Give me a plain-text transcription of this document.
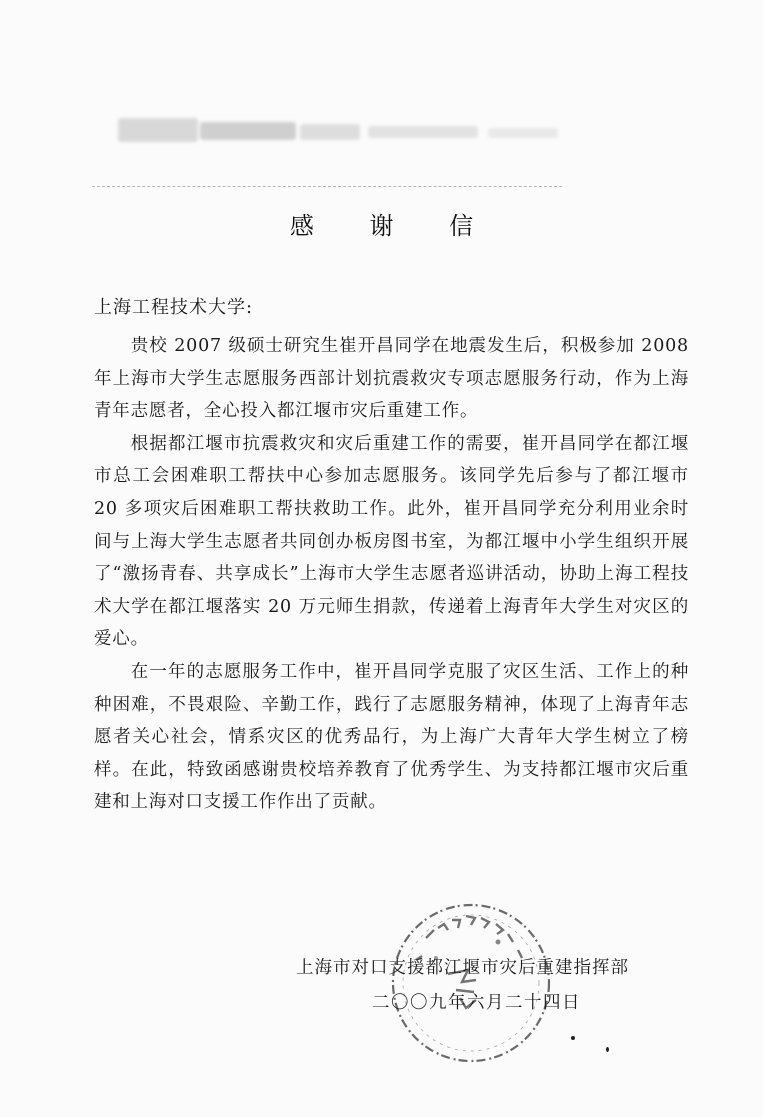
感 谢 信
上海工程技术大学:

贵校 2007 级硕士研究生崔开昌同学在地震发生后，积极参加 2008 年上海市大学生志愿服务西部计划抗震救灾专项志愿服务行动，作为上海青年志愿者，全心投入都江堰市灾后重建工作。

根据都江堰市抗震救灾和灾后重建工作的需要，崔开昌同学在都江堰市总工会困难职工帮扶中心参加志愿服务。该同学先后参与了都江堰市 20 多项灾后困难职工帮扶救助工作。此外，崔开昌同学充分利用业余时间与上海大学生志愿者共同创办板房图书室，为都江堰中小学生组织开展了“激扬青春、共享成长”上海市大学生志愿者巡讲活动，协助上海工程技术大学在都江堰落实 20 万元师生捐款，传递着上海青年大学生对灾区的爱心。

在一年的志愿服务工作中，崔开昌同学克服了灾区生活、工作上的种种困难，不畏艰险、辛勤工作，践行了志愿服务精神，体现了上海青年志愿者关心社会，情系灾区的优秀品行，为上海广大青年大学生树立了榜样。在此，特致函感谢贵校培养教育了优秀学生、为支持都江堰市灾后重建和上海对口支援工作作出了贡献。

上海市对口支援都江堰市灾后重建指挥部
二〇〇九年六月二十四日
